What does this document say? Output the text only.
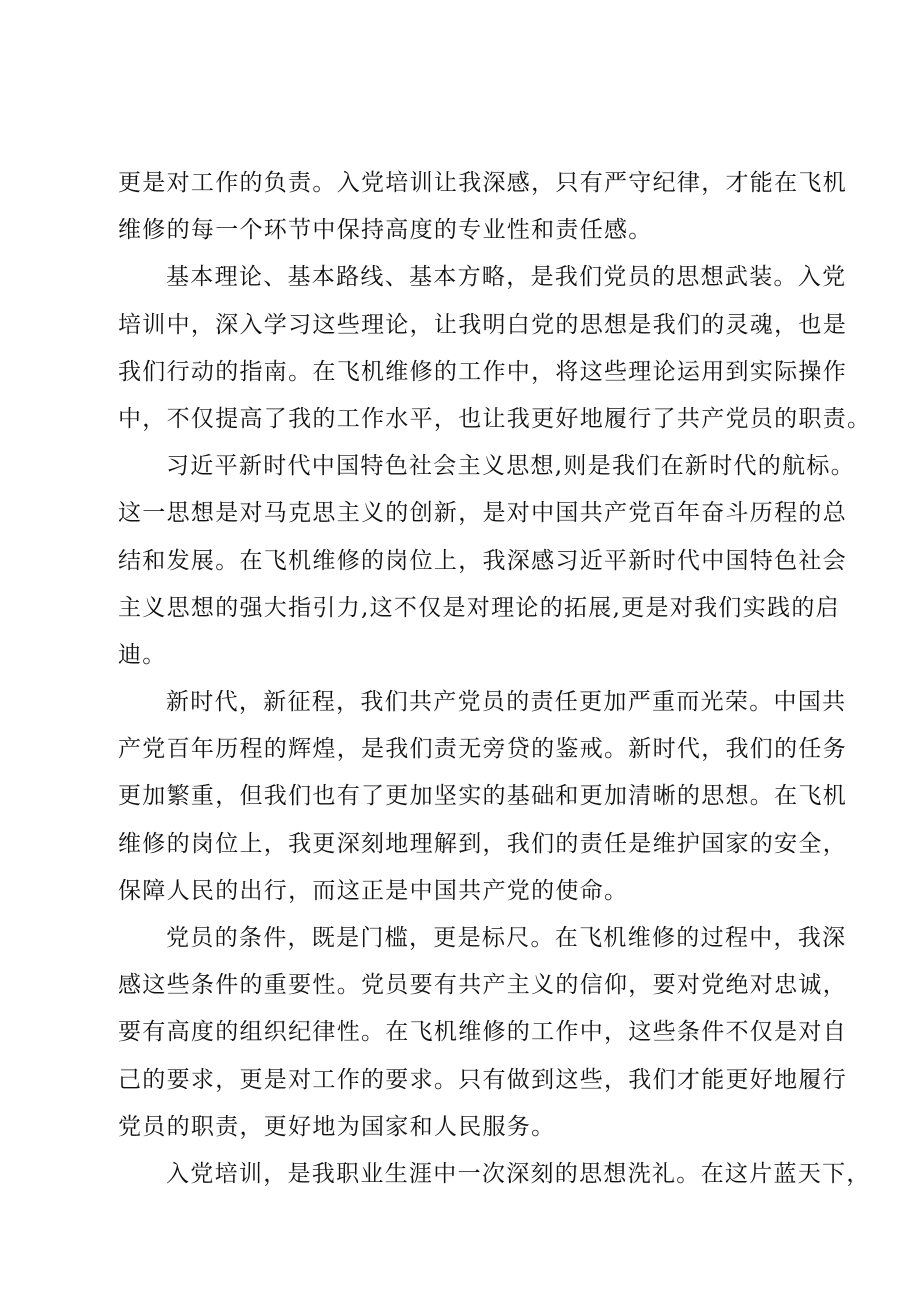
更是对工作的负责。入党培训让我深感，只有严守纪律，才能在飞机
维修的每一个环节中保持高度的专业性和责任感。
基本理论、基本路线、基本方略，是我们党员的思想武装。入党
培训中，深入学习这些理论，让我明白党的思想是我们的灵魂，也是
我们行动的指南。在飞机维修的工作中，将这些理论运用到实际操作
中，不仅提高了我的工作水平，也让我更好地履行了共产党员的职责。
习近平新时代中国特色社会主义思想,则是我们在新时代的航标。
这一思想是对马克思主义的创新，是对中国共产党百年奋斗历程的总
结和发展。在飞机维修的岗位上，我深感习近平新时代中国特色社会
主义思想的强大指引力,这不仅是对理论的拓展,更是对我们实践的启
迪。
新时代，新征程，我们共产党员的责任更加严重而光荣。中国共
产党百年历程的辉煌，是我们责无旁贷的鉴戒。新时代，我们的任务
更加繁重，但我们也有了更加坚实的基础和更加清晰的思想。在飞机
维修的岗位上，我更深刻地理解到，我们的责任是维护国家的安全，
保障人民的出行，而这正是中国共产党的使命。
党员的条件，既是门槛，更是标尺。在飞机维修的过程中，我深
感这些条件的重要性。党员要有共产主义的信仰，要对党绝对忠诚，
要有高度的组织纪律性。在飞机维修的工作中，这些条件不仅是对自
己的要求，更是对工作的要求。只有做到这些，我们才能更好地履行
党员的职责，更好地为国家和人民服务。
入党培训，是我职业生涯中一次深刻的思想洗礼。在这片蓝天下，
